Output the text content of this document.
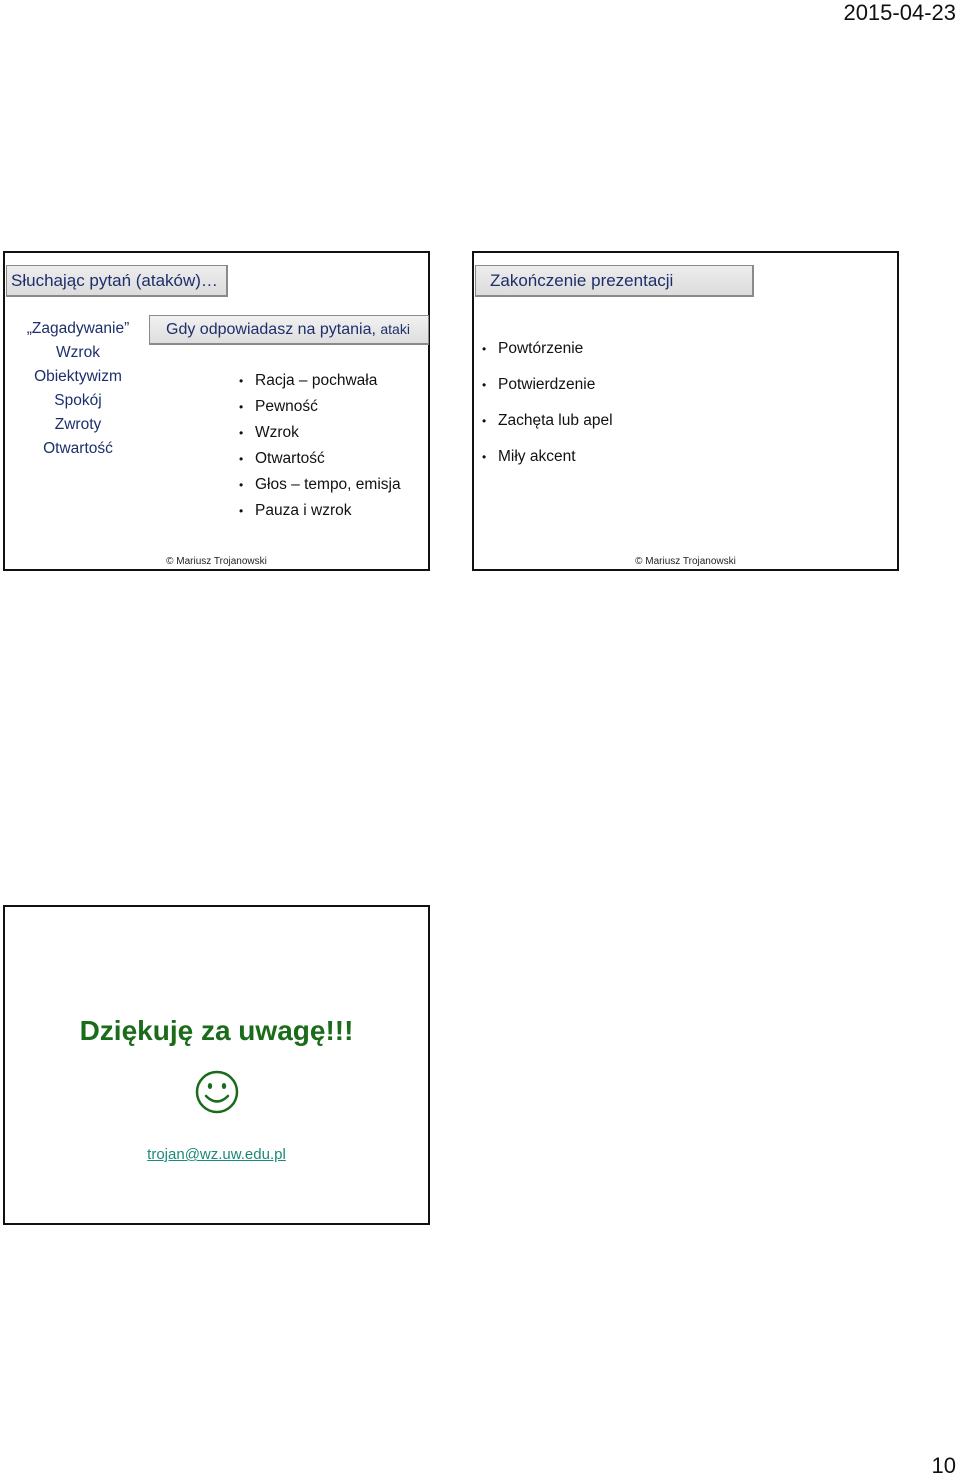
2015-04-23
Słuchając pytań (ataków)…
„Zagadywanie”
Wzrok
Obiektywizm
Spokój
Zwroty
Otwartość
Gdy odpowiadasz na pytania, ataki
• Racja – pochwała
• Pewność
• Wzrok
• Otwartość
• Głos – tempo, emisja
• Pauza i wzrok
© Mariusz Trojanowski
Zakończenie prezentacji
• Powtórzenie
• Potwierdzenie
• Zachęta lub apel
• Miły akcent
© Mariusz Trojanowski
Dziękuję za uwagę!!!
trojan@wz.uw.edu.pl
10
